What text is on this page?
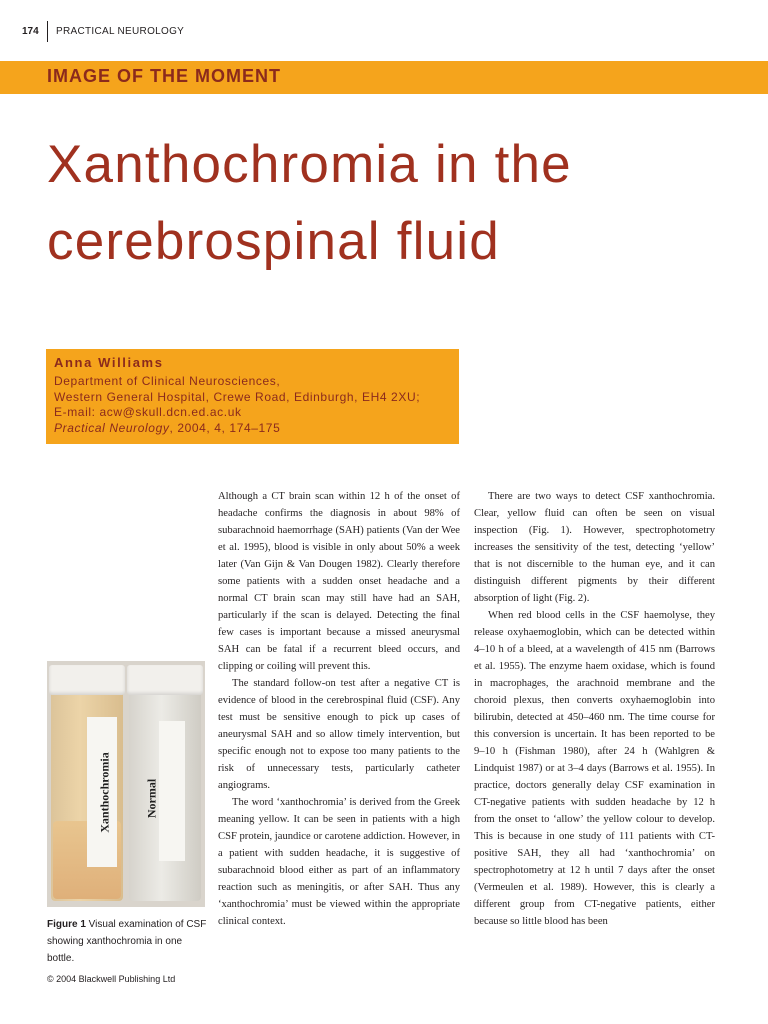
174 PRACTICAL NEUROLOGY
IMAGE OF THE MOMENT
Xanthochromia in the
cerebrospinal fluid
Anna Williams
Department of Clinical Neurosciences,
Western General Hospital, Crewe Road, Edinburgh, EH4 2XU;
E-mail: acw@skull.dcn.ed.ac.uk
Practical Neurology, 2004, 4, 174–175
Xanthochromia	Normal
Figure 1 Visual examination of CSF showing xanthochromia in one bottle.
© 2004 Blackwell Publishing Ltd

Although a CT brain scan within 12 h of the onset of headache confirms the diagnosis in about 98% of subarachnoid haemorrhage (SAH) patients (Van der Wee et al. 1995), blood is visible in only about 50% a week later (Van Gijn & Van Dougen 1982). Clearly therefore some patients with a sudden onset headache and a normal CT brain scan may still have had an SAH, particularly if the scan is delayed. Detecting the final few cases is important because a missed aneurysmal SAH can be fatal if a recurrent bleed occurs, and clipping or coiling will prevent this.

The standard follow-on test after a negative CT is evidence of blood in the cerebrospinal fluid (CSF). Any test must be sensitive enough to pick up cases of aneurysmal SAH and so allow timely intervention, but specific enough not to expose too many patients to the risk of unnecessary tests, particularly catheter angiograms.

The word ‘xanthochromia’ is derived from the Greek meaning yellow. It can be seen in patients with a high CSF protein, jaundice or carotene addiction. However, in a patient with sudden headache, it is suggestive of subarachnoid blood either as part of an inflammatory reaction such as meningitis, or after SAH. Thus any ‘xanthochromia’ must be viewed within the appropriate clinical context.

There are two ways to detect CSF xanthochromia. Clear, yellow fluid can often be seen on visual inspection (Fig. 1). However, spectrophotometry increases the sensitivity of the test, detecting ‘yellow’ that is not discernible to the human eye, and it can distinguish different pigments by their different absorption of light (Fig. 2).

When red blood cells in the CSF haemolyse, they release oxyhaemoglobin, which can be detected within 4–10 h of a bleed, at a wavelength of 415 nm (Barrows et al. 1955). The enzyme haem oxidase, which is found in macrophages, the arachnoid membrane and the choroid plexus, then converts oxyhaemoglobin into bilirubin, detected at 450–460 nm. The time course for this conversion is uncertain. It has been reported to be 9–10 h (Fishman 1980), after 24 h (Wahlgren & Lindquist 1987) or at 3–4 days (Barrows et al. 1955). In practice, doctors generally delay CSF examination in CT-negative patients with sudden headache by 12 h from the onset to ‘allow’ the yellow colour to develop. This is because in one study of 111 patients with CT-positive SAH, they all had ‘xanthochromia’ on spectrophotometry at 12 h until 7 days after the onset (Vermeulen et al. 1989). However, this is clearly a different group from CT-negative patients, either because so little blood has been
